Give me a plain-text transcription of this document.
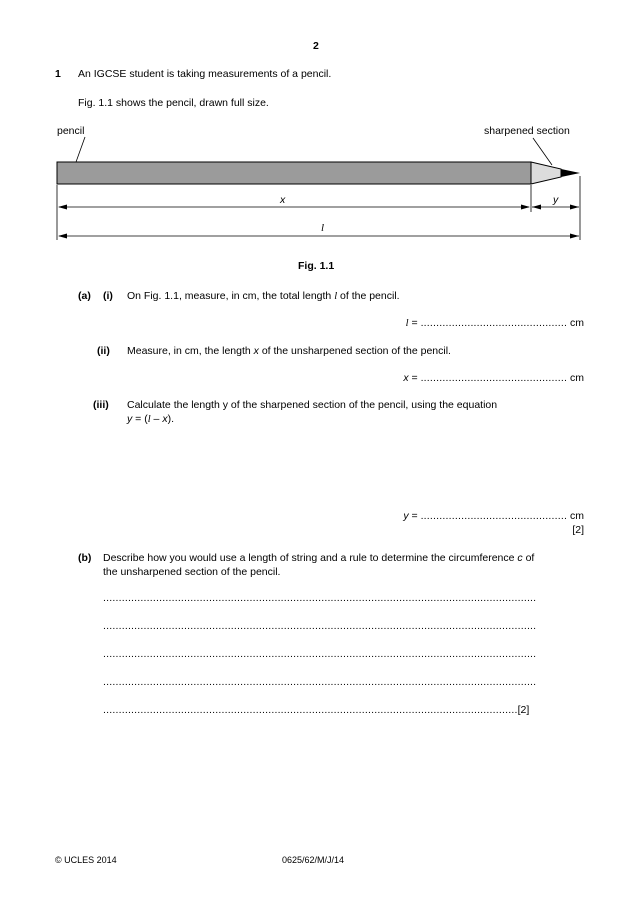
2
1 An IGCSE student is taking measurements of a pencil.
Fig. 1.1 shows the pencil, drawn full size.
pencil	sharpened section
x	y
l
Fig. 1.1
(a) (i) On Fig. 1.1, measure, in cm, the total length l of the pencil.
l = ............................................... cm
(ii) Measure, in cm, the length x of the unsharpened section of the pencil.
x = ............................................... cm
(iii) Calculate the length y of the sharpened section of the pencil, using the equation
y = (l – x).
y = ............................................... cm
[2]
(b) Describe how you would use a length of string and a rule to determine the circumference c of
the unsharpened section of the pencil.
...........................................................................................................................................
...........................................................................................................................................
...........................................................................................................................................
...........................................................................................................................................
.....................................................................................................................................[2]
© UCLES 2014	0625/62/M/J/14
